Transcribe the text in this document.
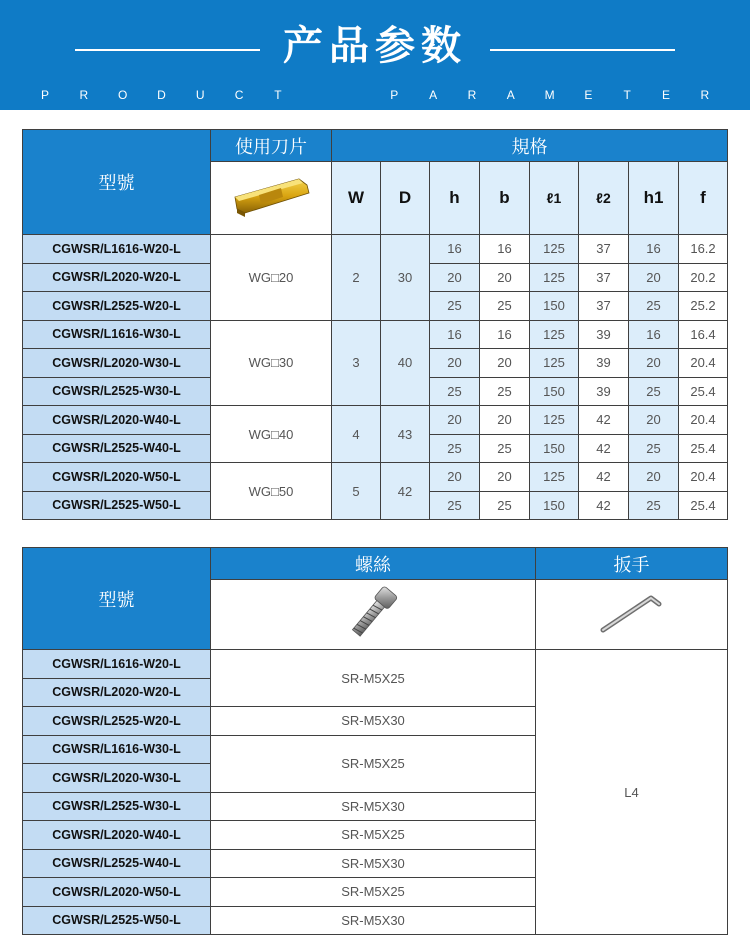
产品参数
P	R O D	U	C	T	P	A	R	A M E	T	E	R
型號	使用刀片	規格							
	W	D	h	b	ℓ1	ℓ2	h1	f
CGWSR/L1616-W20-L	WG□20	2	30	16	16	125	37	16	16.2
CGWSR/L2020-W20-L				20	20	125	37	20	20.2
CGWSR/L2525-W20-L				25	25	150	37	25	25.2
CGWSR/L1616-W30-L	WG□30	3	40	16	16	125	39	16	16.4
CGWSR/L2020-W30-L				20	20	125	39	20	20.4
CGWSR/L2525-W30-L				25	25	150	39	25	25.4
CGWSR/L2020-W40-L	WG□40	4	43	20	20	125	42	20	20.4
CGWSR/L2525-W40-L				25	25	150	42	25	25.4
CGWSR/L2020-W50-L	WG□50	5	42	20	20	125	42	20	20.4
CGWSR/L2525-W50-L				25	25	150	42	25	25.4
型號	螺絲	扳手

CGWSR/L1616-W20-L	SR-M5X25	L4
CGWSR/L2020-W20-L		
CGWSR/L2525-W20-L	SR-M5X30	
CGWSR/L1616-W30-L	SR-M5X25	
CGWSR/L2020-W30-L		
CGWSR/L2525-W30-L	SR-M5X30	
CGWSR/L2020-W40-L	SR-M5X25	
CGWSR/L2525-W40-L	SR-M5X30	
CGWSR/L2020-W50-L	SR-M5X25	
CGWSR/L2525-W50-L	SR-M5X30	
